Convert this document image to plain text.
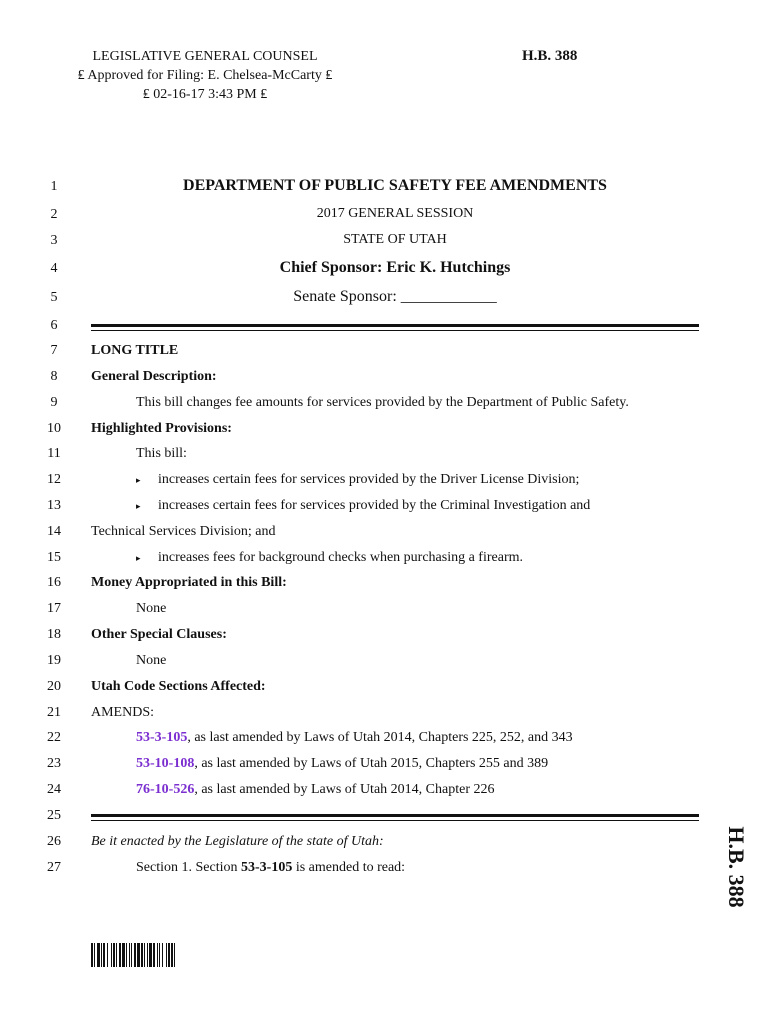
LEGISLATIVE GENERAL COUNSEL
₤ Approved for Filing: E. Chelsea-McCarty ₤
₤ 02-16-17 3:43 PM ₤
H.B. 388
1
2
3
4
5
6
7
8
9
10
11
12
13
14
15
16
17
18
19
20
21
22
23
24
25
26
27
DEPARTMENT OF PUBLIC SAFETY FEE AMENDMENTS
2017 GENERAL SESSION
STATE OF UTAH
Chief Sponsor: Eric K. Hutchings
Senate Sponsor: ____________
LONG TITLE
General Description:
This bill changes fee amounts for services provided by the Department of Public Safety.
Highlighted Provisions:
This bill:
▸ increases certain fees for services provided by the Driver License Division;
▸ increases certain fees for services provided by the Criminal Investigation and
Technical Services Division; and
▸ increases fees for background checks when purchasing a firearm.
Money Appropriated in this Bill:
None
Other Special Clauses:
None
Utah Code Sections Affected:
AMENDS:
53-3-105, as last amended by Laws of Utah 2014, Chapters 225, 252, and 343
53-10-108, as last amended by Laws of Utah 2015, Chapters 255 and 389
76-10-526, as last amended by Laws of Utah 2014, Chapter 226
Be it enacted by the Legislature of the state of Utah:
Section 1. Section 53-3-105 is amended to read:	H.B. 388
